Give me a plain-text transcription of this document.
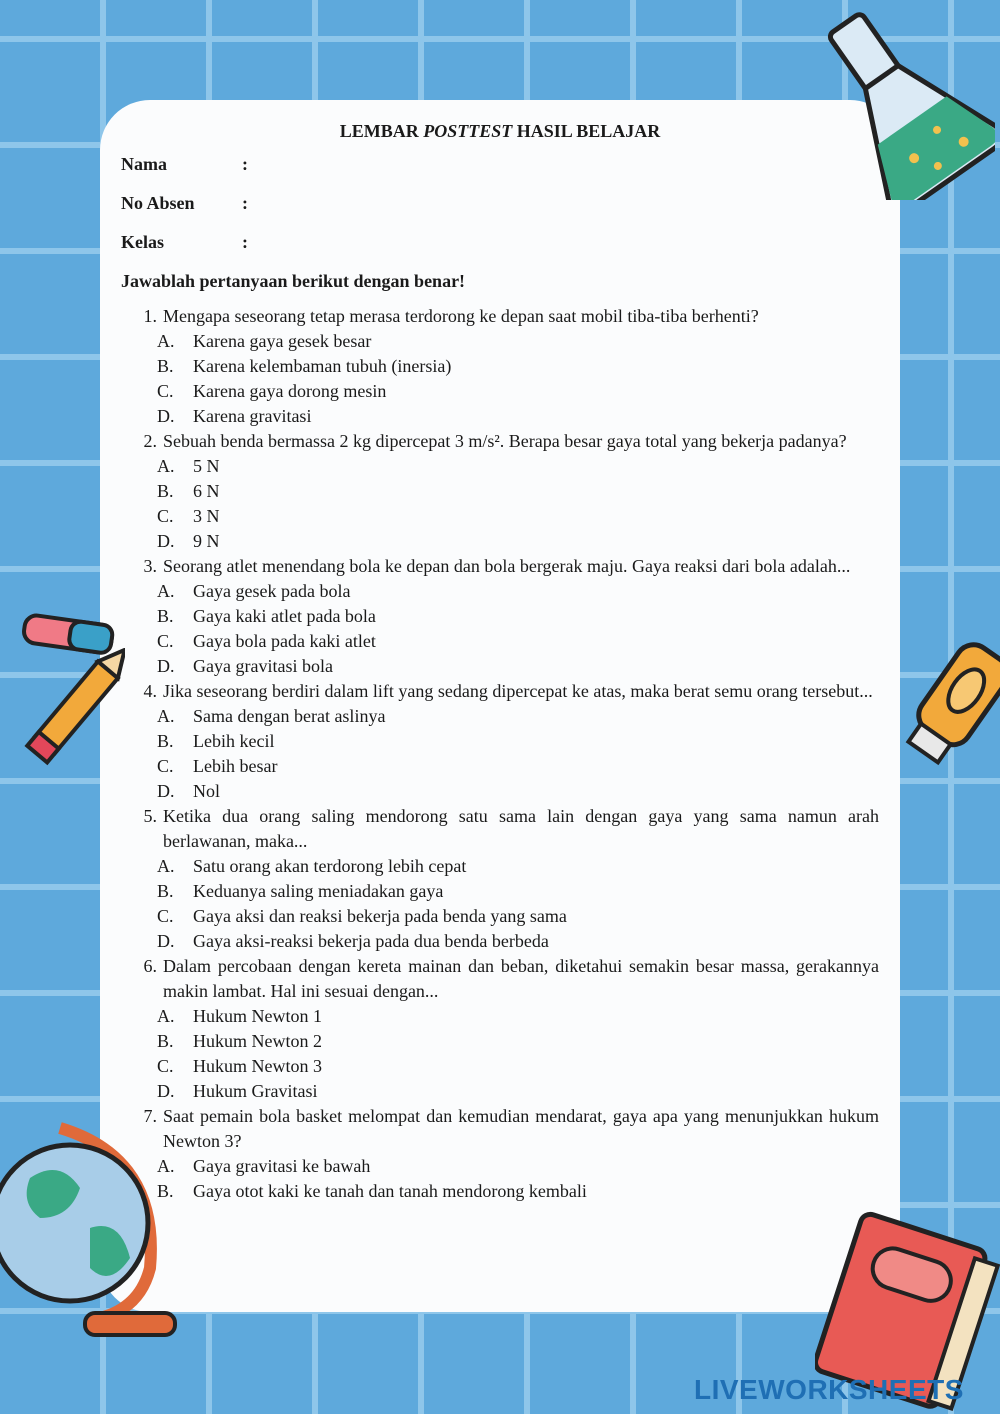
LEMBAR POSTTEST HASIL BELAJAR
Nama	:
No Absen	:
Kelas	:
Jawablah pertanyaan berikut dengan benar!
1. Mengapa seseorang tetap merasa terdorong ke depan saat mobil tiba-tiba berhenti?
A.	Karena gaya gesek besar
B.	Karena kelembaman tubuh (inersia)
C.	Karena gaya dorong mesin
D.	Karena gravitasi
2. Sebuah benda bermassa 2 kg dipercepat 3 m/s². Berapa besar gaya total yang bekerja padanya?
A.	5 N
B.	6 N
C.	3 N
D.	9 N
3. Seorang atlet menendang bola ke depan dan bola bergerak maju. Gaya reaksi dari bola adalah...
A.	Gaya gesek pada bola
B.	Gaya kaki atlet pada bola
C.	Gaya bola pada kaki atlet
D.	Gaya gravitasi bola
4. Jika seseorang berdiri dalam lift yang sedang dipercepat ke atas, maka berat semu orang tersebut...
A.	Sama dengan berat aslinya
B.	Lebih kecil
C.	Lebih besar
D.	Nol
5. Ketika dua orang saling mendorong satu sama lain dengan gaya yang sama namun arah berlawanan, maka...
A.	Satu orang akan terdorong lebih cepat
B.	Keduanya saling meniadakan gaya
C.	Gaya aksi dan reaksi bekerja pada benda yang sama
D.	Gaya aksi-reaksi bekerja pada dua benda berbeda
6. Dalam percobaan dengan kereta mainan dan beban, diketahui semakin besar massa, gerakannya makin lambat. Hal ini sesuai dengan...
A.	Hukum Newton 1
B.	Hukum Newton 2
C.	Hukum Newton 3
D.	Hukum Gravitasi
7. Saat pemain bola basket melompat dan kemudian mendarat, gaya apa yang menunjukkan hukum Newton 3?
A.	Gaya gravitasi ke bawah
B.	Gaya otot kaki ke tanah dan tanah mendorong kembali
LIVEWORKSHEETS
